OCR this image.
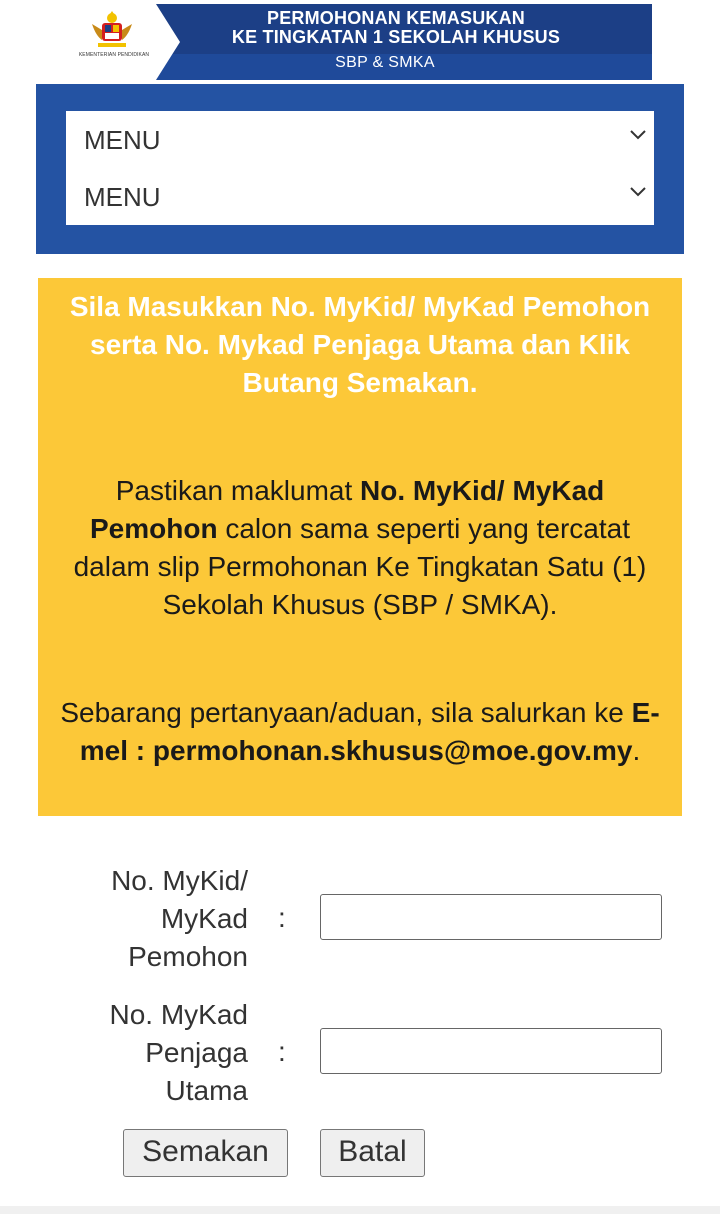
KEMENTERIAN PENDIDIKAN
PERMOHONAN KEMASUKAN
KE TINGKATAN 1 SEKOLAH KHUSUS
SBP & SMKA
MENU
MENU
Sila Masukkan No. MyKid/ MyKad Pemohon serta No. Mykad Penjaga Utama dan Klik Butang Semakan.
Pastikan maklumat No. MyKid/ MyKad Pemohon calon sama seperti yang tercatat dalam slip Permohonan Ke Tingkatan Satu (1) Sekolah Khusus (SBP / SMKA).
Sebarang pertanyaan/aduan, sila salurkan ke E-mel : permohonan.skhusus@moe.gov.my.
No. MyKid/
MyKad
Pemohon
:
No. MyKad
Penjaga
Utama
:
Semakan	Batal
